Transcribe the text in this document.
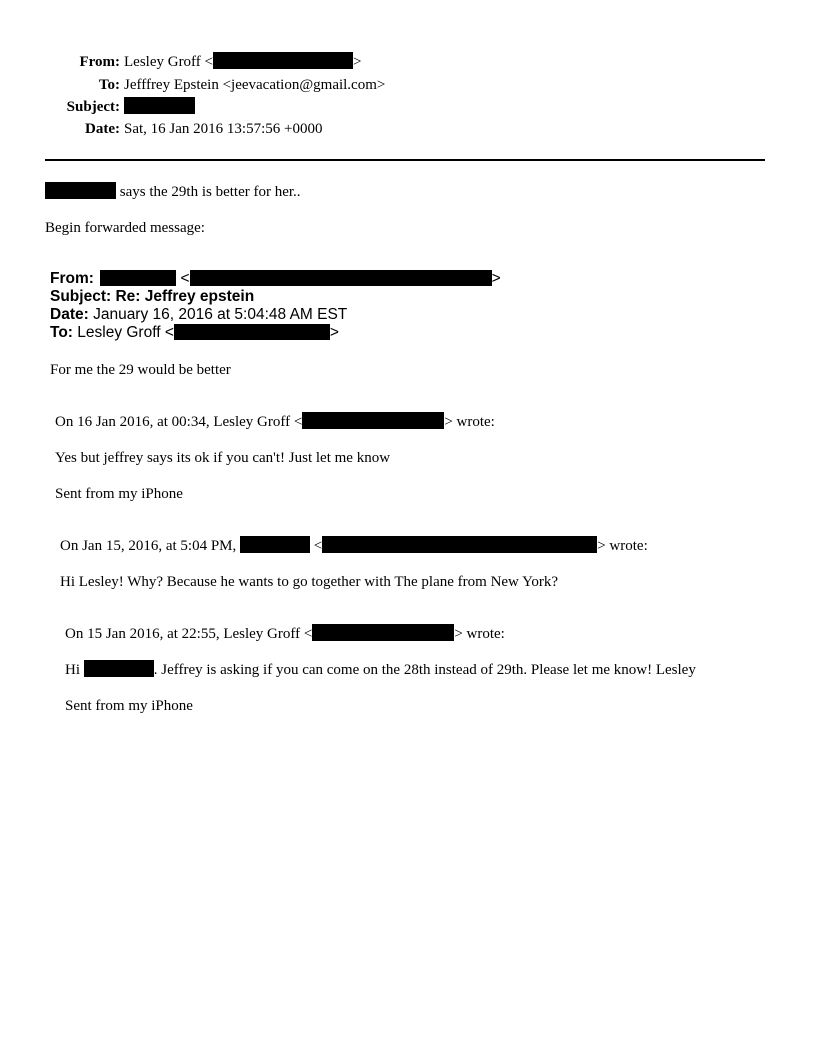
From: Lesley Groff <	>
To: Jefffrey Epstein <jeevacation@gmail.com>
Subject:
Date: Sat, 16 Jan 2016 13:57:56 +0000
says the 29th is better for her..
Begin forwarded message:
From:	<	>
Subject: Re: Jeffrey epstein
Date: January 16, 2016 at 5:04:48 AM EST
To: Lesley Groff <	>
For me the 29 would be better
On 16 Jan 2016, at 00:34, Lesley Groff <	> wrote:
Yes but jeffrey says its ok if you can't! Just let me know
Sent from my iPhone
On Jan 15, 2016, at 5:04 PM,	<	> wrote:
Hi Lesley! Why? Because he wants to go together with The plane from New York?
On 15 Jan 2016, at 22:55, Lesley Groff <	> wrote:
Hi	. Jeffrey is asking if you can come on the 28th instead of 29th. Please let me know! Lesley
Sent from my iPhone
